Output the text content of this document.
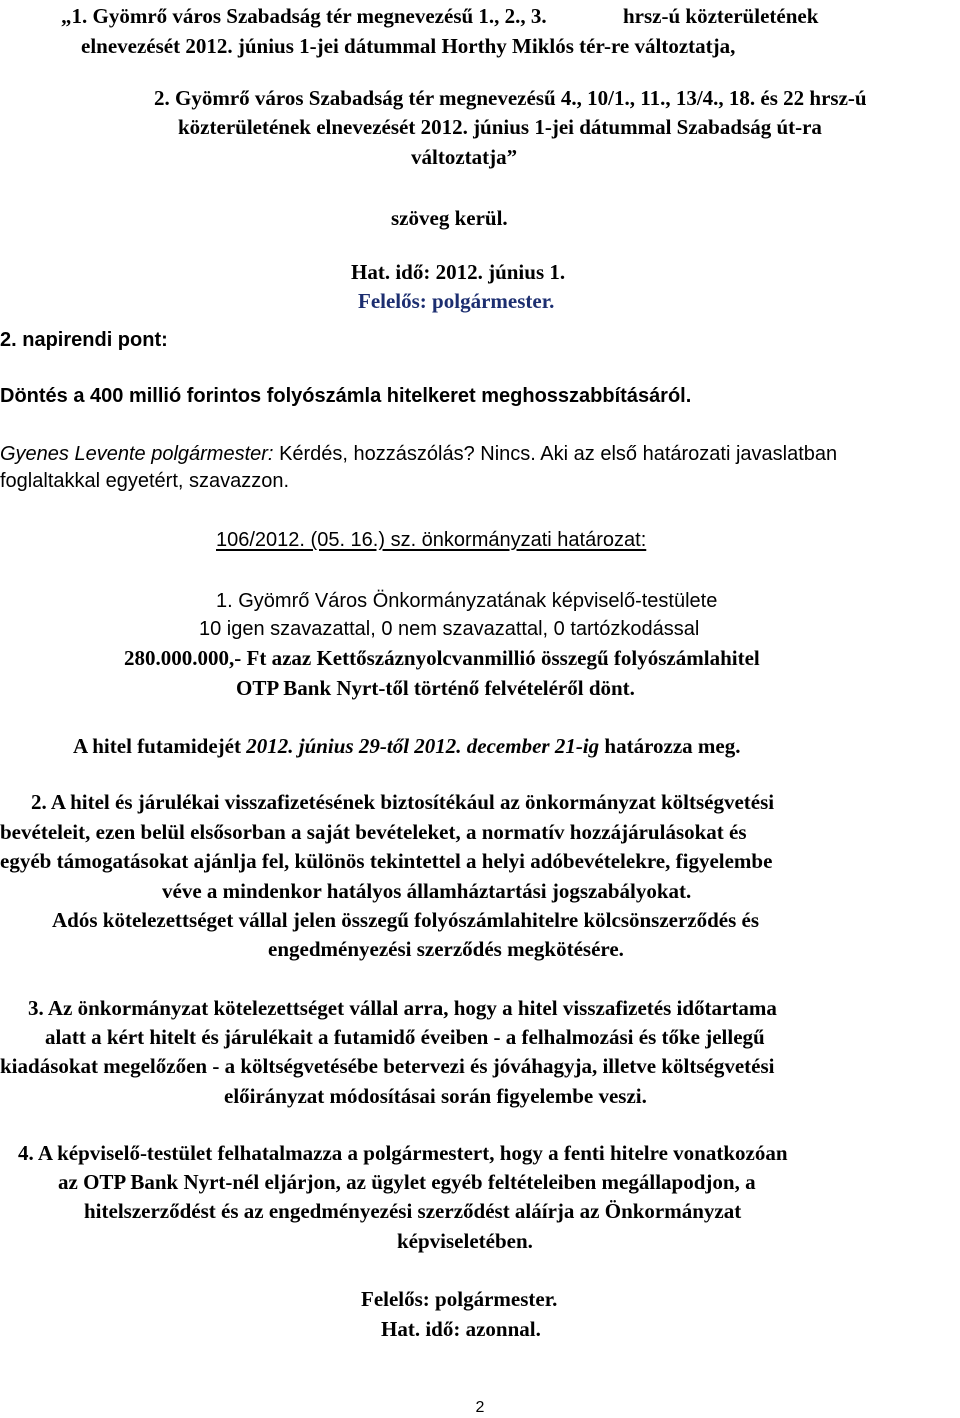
„1. Gyömrő város Szabadság tér megnevezésű 1., 2., 3.	hrsz-ú közterületének
elnevezését 2012. június 1-jei dátummal Horthy Miklós tér-re változtatja,
2. Gyömrő város Szabadság tér megnevezésű 4., 10/1., 11., 13/4., 18. és 22 hrsz-ú
közterületének elnevezését 2012. június 1-jei dátummal Szabadság út-ra
változtatja”
szöveg kerül.
Hat. idő: 2012. június 1.
Felelős: polgármester.
2. napirendi pont:
Döntés a 400 millió forintos folyószámla hitelkeret meghosszabbításáról.
Gyenes Levente polgármester: Kérdés, hozzászólás? Nincs. Aki az első határozati javaslatban
foglaltakkal egyetért, szavazzon.
106/2012. (05. 16.) sz. önkormányzati határozat:
1. Gyömrő Város Önkormányzatának képviselő-testülete
10 igen szavazattal, 0 nem szavazattal, 0 tartózkodással
280.000.000,- Ft azaz Kettőszáznyolcvanmillió összegű folyószámlahitel
OTP Bank Nyrt-től történő felvételéről dönt.
A hitel futamidejét 2012. június 29-től 2012. december 21-ig határozza meg.
2. A hitel és járulékai visszafizetésének biztosítékául az önkormányzat költségvetési
bevételeit, ezen belül elsősorban a saját bevételeket, a normatív hozzájárulásokat és
egyéb támogatásokat ajánlja fel, különös tekintettel a helyi adóbevételekre, figyelembe
véve a mindenkor hatályos államháztartási jogszabályokat.
Adós kötelezettséget vállal jelen összegű folyószámlahitelre kölcsönszerződés és
engedményezési szerződés megkötésére.
3. Az önkormányzat kötelezettséget vállal arra, hogy a hitel visszafizetés időtartama
alatt a kért hitelt és járulékait a futamidő éveiben - a felhalmozási és tőke jellegű
kiadásokat megelőzően - a költségvetésébe betervezi és jóváhagyja, illetve költségvetési
előirányzat módosításai során figyelembe veszi.
4. A képviselő-testület felhatalmazza a polgármestert, hogy a fenti hitelre vonatkozóan
az OTP Bank Nyrt-nél eljárjon, az ügylet egyéb feltételeiben megállapodjon, a
hitelszerződést és az engedményezési szerződést aláírja az Önkormányzat
képviseletében.
Felelős: polgármester.
Hat. idő: azonnal.
2
